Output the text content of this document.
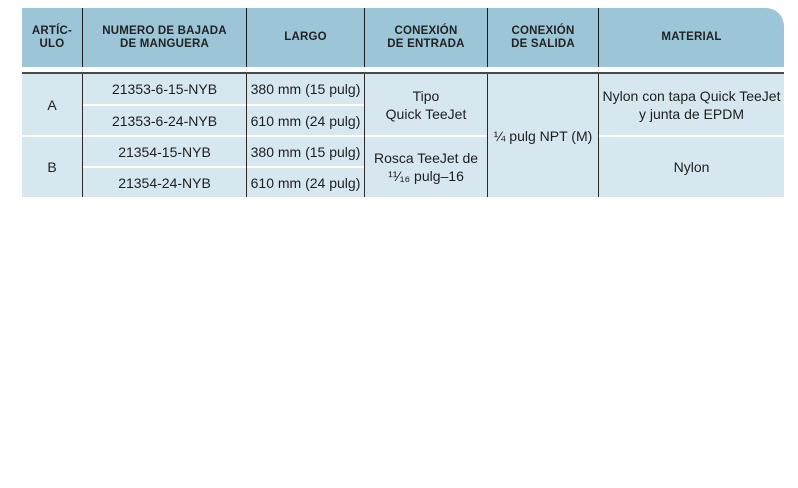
ARTÍC-
ULO
NUMERO DE BAJADA
DE MANGUERA
LARGO
CONEXIÓN
DE ENTRADA
CONEXIÓN
DE SALIDA
MATERIAL
A
21353-6-15-NYB
21353-6-24-NYB
380 mm (15 pulg)
610 mm (24 pulg)
Tipo
Quick TeeJet
Nylon con tapa Quick TeeJet
y junta de EPDM
¼ pulg NPT (M)
B
21354-15-NYB
21354-24-NYB
380 mm (15 pulg)
610 mm (24 pulg)
Rosca TeeJet de
¹¹⁄₁₆ pulg–16
Nylon
